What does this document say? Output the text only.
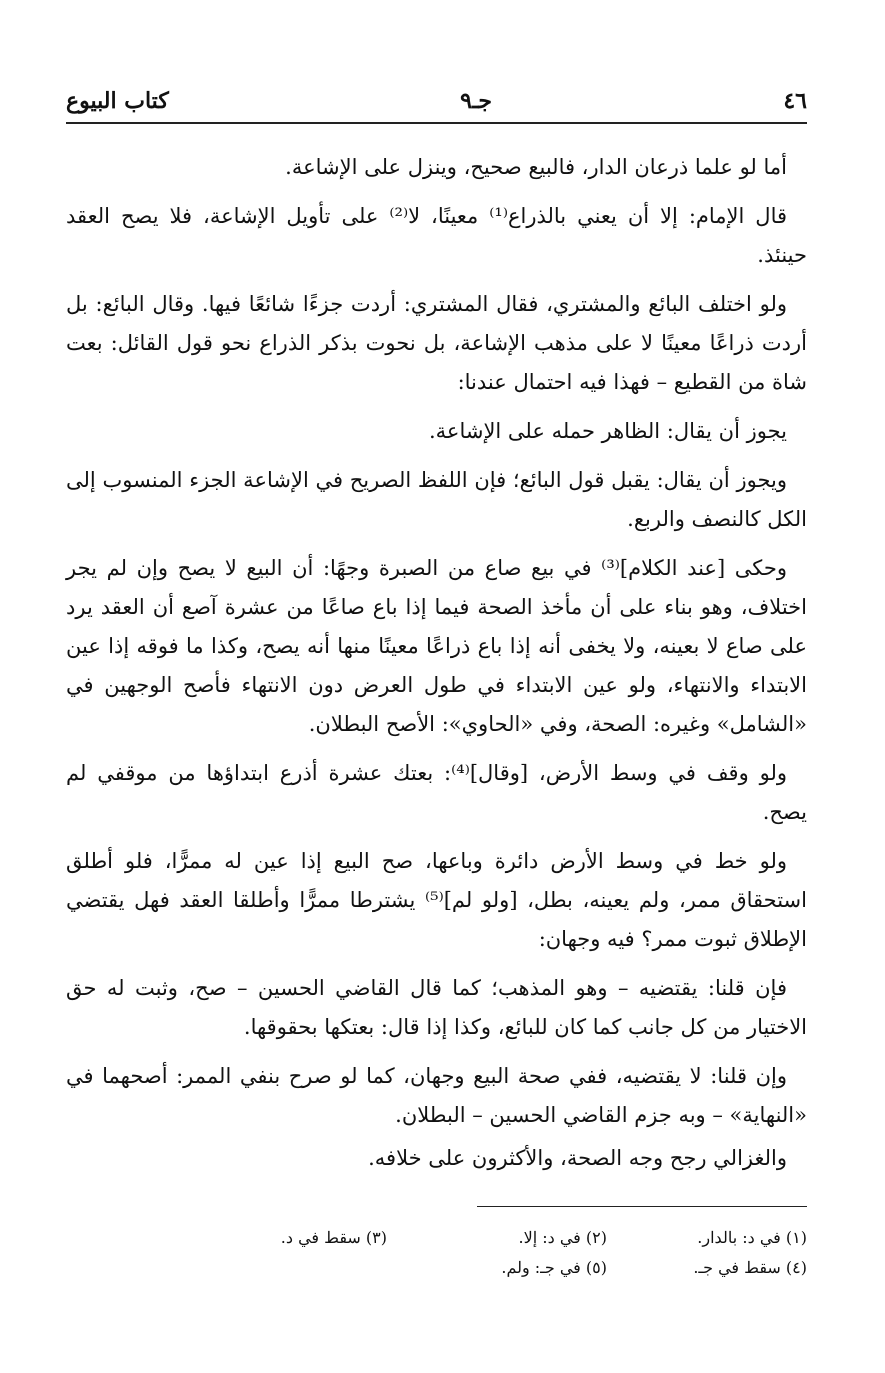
٤٦
جـ٩
كتاب البيوع

أما لو علما ذرعان الدار، فالبيع صحيح، وينزل على الإشاعة.

قال الإمام: إلا أن يعني بالذراع⁽¹⁾ معينًا، لا⁽²⁾ على تأويل الإشاعة، فلا يصح العقد حينئذ.

ولو اختلف البائع والمشتري، فقال المشتري: أردت جزءًا شائعًا فيها. وقال البائع: بل أردت ذراعًا معينًا لا على مذهب الإشاعة، بل نحوت بذكر الذراع نحو قول القائل: بعت شاة من القطيع – فهذا فيه احتمال عندنا:

يجوز أن يقال: الظاهر حمله على الإشاعة.

ويجوز أن يقال: يقبل قول البائع؛ فإن اللفظ الصريح في الإشاعة الجزء المنسوب إلى الكل كالنصف والربع.

وحكى [عند الكلام]⁽³⁾ في بيع صاع من الصبرة وجهًا: أن البيع لا يصح وإن لم يجر اختلاف، وهو بناء على أن مأخذ الصحة فيما إذا باع صاعًا من عشرة آصع أن العقد يرد على صاع لا بعينه، ولا يخفى أنه إذا باع ذراعًا معينًا منها أنه يصح، وكذا ما فوقه إذا عين الابتداء والانتهاء، ولو عين الابتداء في طول العرض دون الانتهاء فأصح الوجهين في «الشامل» وغيره: الصحة، وفي «الحاوي»: الأصح البطلان.

ولو وقف في وسط الأرض، [وقال]⁽⁴⁾: بعتك عشرة أذرع ابتداؤها من موقفي لم يصح.

ولو خط في وسط الأرض دائرة وباعها، صح البيع إذا عين له ممرًّا، فلو أطلق استحقاق ممر، ولم يعينه، بطل، [ولو لم]⁽⁵⁾ يشترطا ممرًّا وأطلقا العقد فهل يقتضي الإطلاق ثبوت ممر؟ فيه وجهان:

فإن قلنا: يقتضيه – وهو المذهب؛ كما قال القاضي الحسين – صح، وثبت له حق الاختيار من كل جانب كما كان للبائع، وكذا إذا قال: بعتكها بحقوقها.

وإن قلنا: لا يقتضيه، ففي صحة البيع وجهان، كما لو صرح بنفي الممر: أصحهما في «النهاية» – وبه جزم القاضي الحسين – البطلان.

والغزالي رجح وجه الصحة، والأكثرون على خلافه.

(١) في د: بالدار.
(٢) في د: إلا.
(٣) سقط في د.
(٤) سقط في جـ.
(٥) في جـ: ولم.
